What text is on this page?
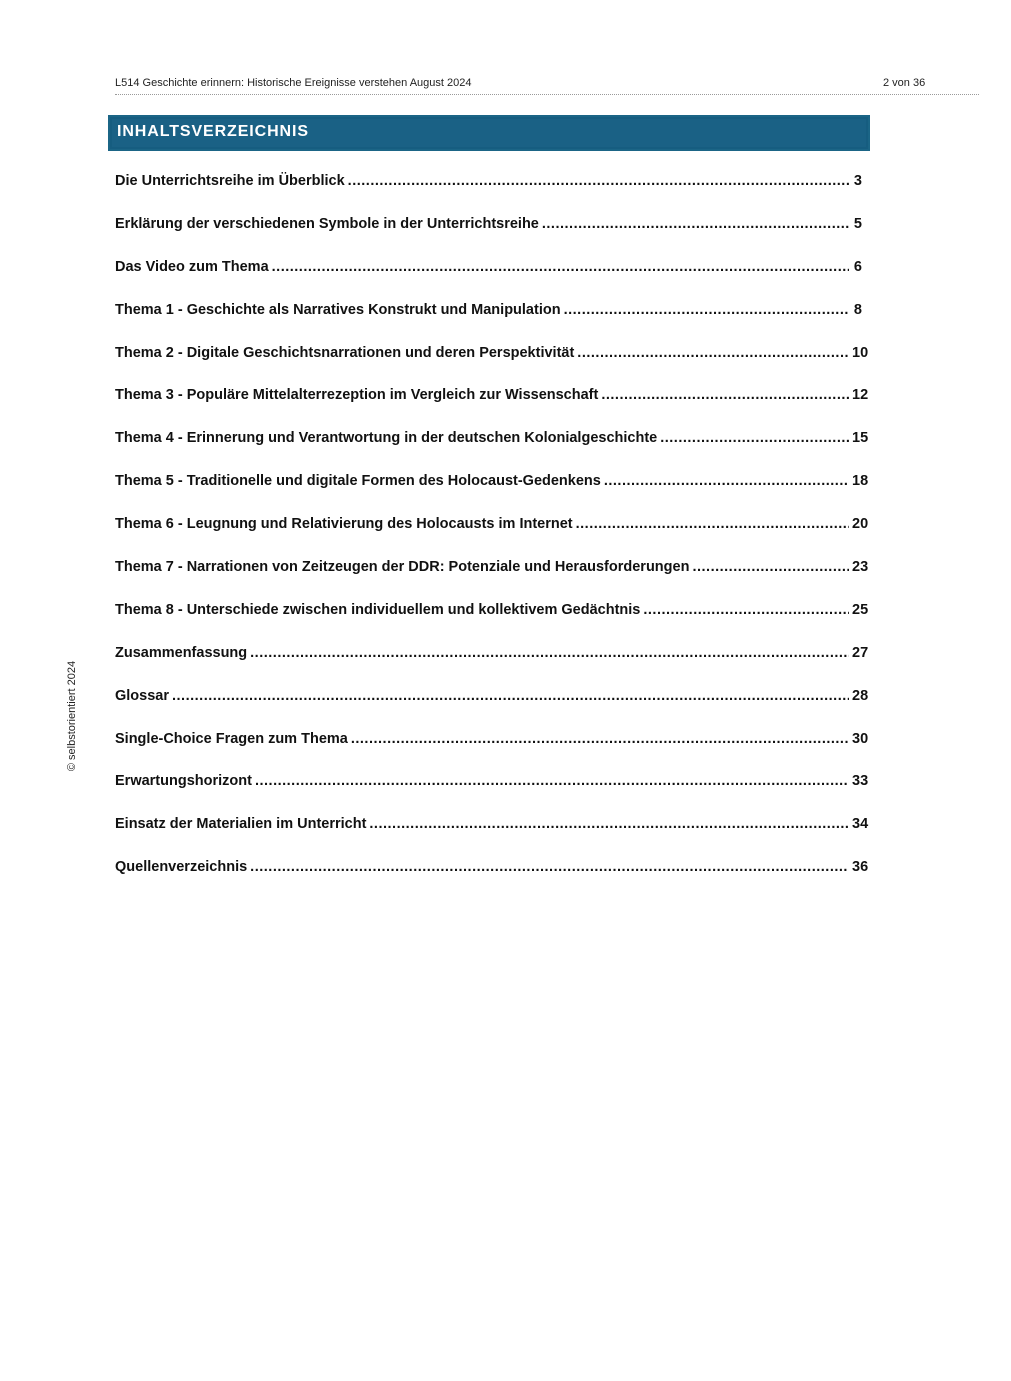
L514 Geschichte erinnern: Historische Ereignisse verstehen August 2024	2 von 36
INHALTSVERZEICHNIS
Die Unterrichtsreihe im Überblick .....	3
Erklärung der verschiedenen Symbole in der Unterrichtsreihe .....	5
Das Video zum Thema .....	6
Thema 1 - Geschichte als Narratives Konstrukt und Manipulation .....	8
Thema 2 - Digitale Geschichtsnarrationen und deren Perspektivität .....	10
Thema 3 - Populäre Mittelalterrezeption im Vergleich zur Wissenschaft .....	12
Thema 4 - Erinnerung und Verantwortung in der deutschen Kolonialgeschichte .....	15
Thema 5 - Traditionelle und digitale Formen des Holocaust-Gedenkens .....	18
Thema 6 - Leugnung und Relativierung des Holocausts im Internet .....	20
Thema 7 - Narrationen von Zeitzeugen der DDR: Potenziale und Herausforderungen .....	23
Thema 8 - Unterschiede zwischen individuellem und kollektivem Gedächtnis .....	25
Zusammenfassung .....	27
Glossar .....	28
Single-Choice Fragen zum Thema .....	30
Erwartungshorizont .....	33
Einsatz der Materialien im Unterricht .....	34
Quellenverzeichnis .....	36
© selbstorientiert 2024
